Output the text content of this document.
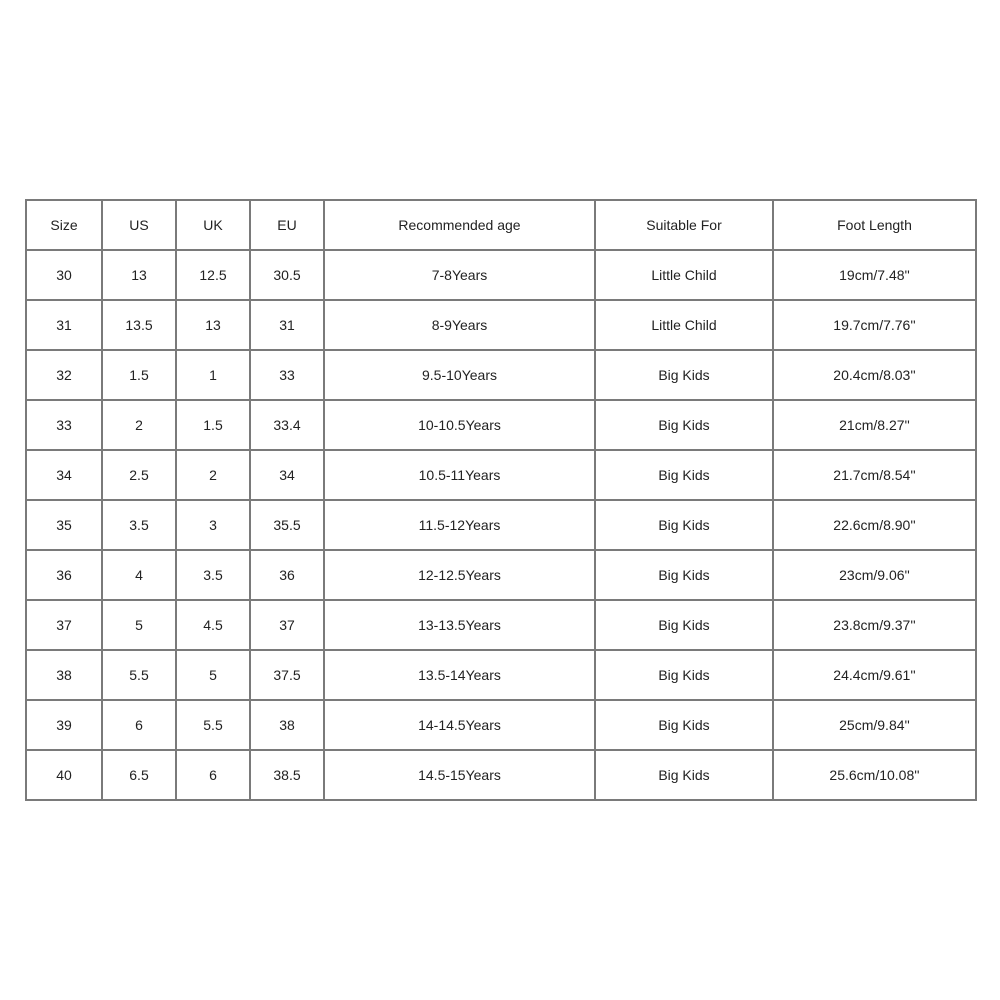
Size	US	UK	EU	Recommended age	Suitable For	Foot Length
30	13	12.5	30.5	7-8Years	Little Child	19cm/7.48''
31	13.5	13	31	8-9Years	Little Child	19.7cm/7.76''
32	1.5	1	33	9.5-10Years	Big Kids	20.4cm/8.03''
33	2	1.5	33.4	10-10.5Years	Big Kids	21cm/8.27''
34	2.5	2	34	10.5-11Years	Big Kids	21.7cm/8.54''
35	3.5	3	35.5	11.5-12Years	Big Kids	22.6cm/8.90''
36	4	3.5	36	12-12.5Years	Big Kids	23cm/9.06''
37	5	4.5	37	13-13.5Years	Big Kids	23.8cm/9.37''
38	5.5	5	37.5	13.5-14Years	Big Kids	24.4cm/9.61''
39	6	5.5	38	14-14.5Years	Big Kids	25cm/9.84''
40	6.5	6	38.5	14.5-15Years	Big Kids	25.6cm/10.08''
